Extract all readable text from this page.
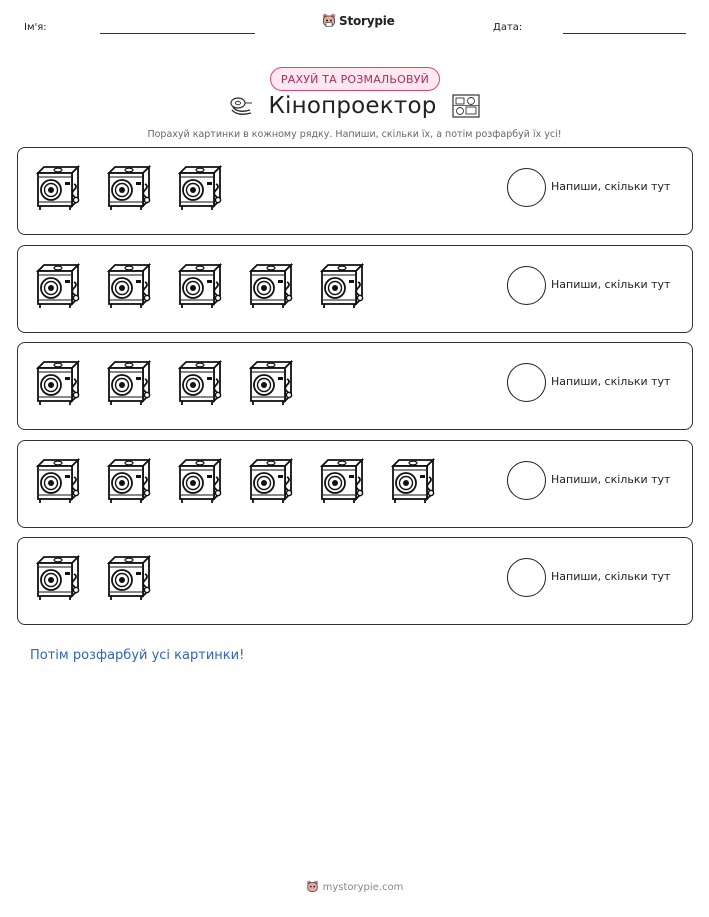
Ім'я:	Storypie	Дата:
РАХУЙ ТА РОЗМАЛЬОВУЙ
Кінопроектор
Порахуй картинки в кожному рядку. Напиши, скільки їх, а потім розфарбуй їх усі!
Напиши, скільки тут
Напиши, скільки тут
Напиши, скільки тут
Напиши, скільки тут
Напиши, скільки тут
Потім розфарбуй усі картинки!
mystorypie.com
